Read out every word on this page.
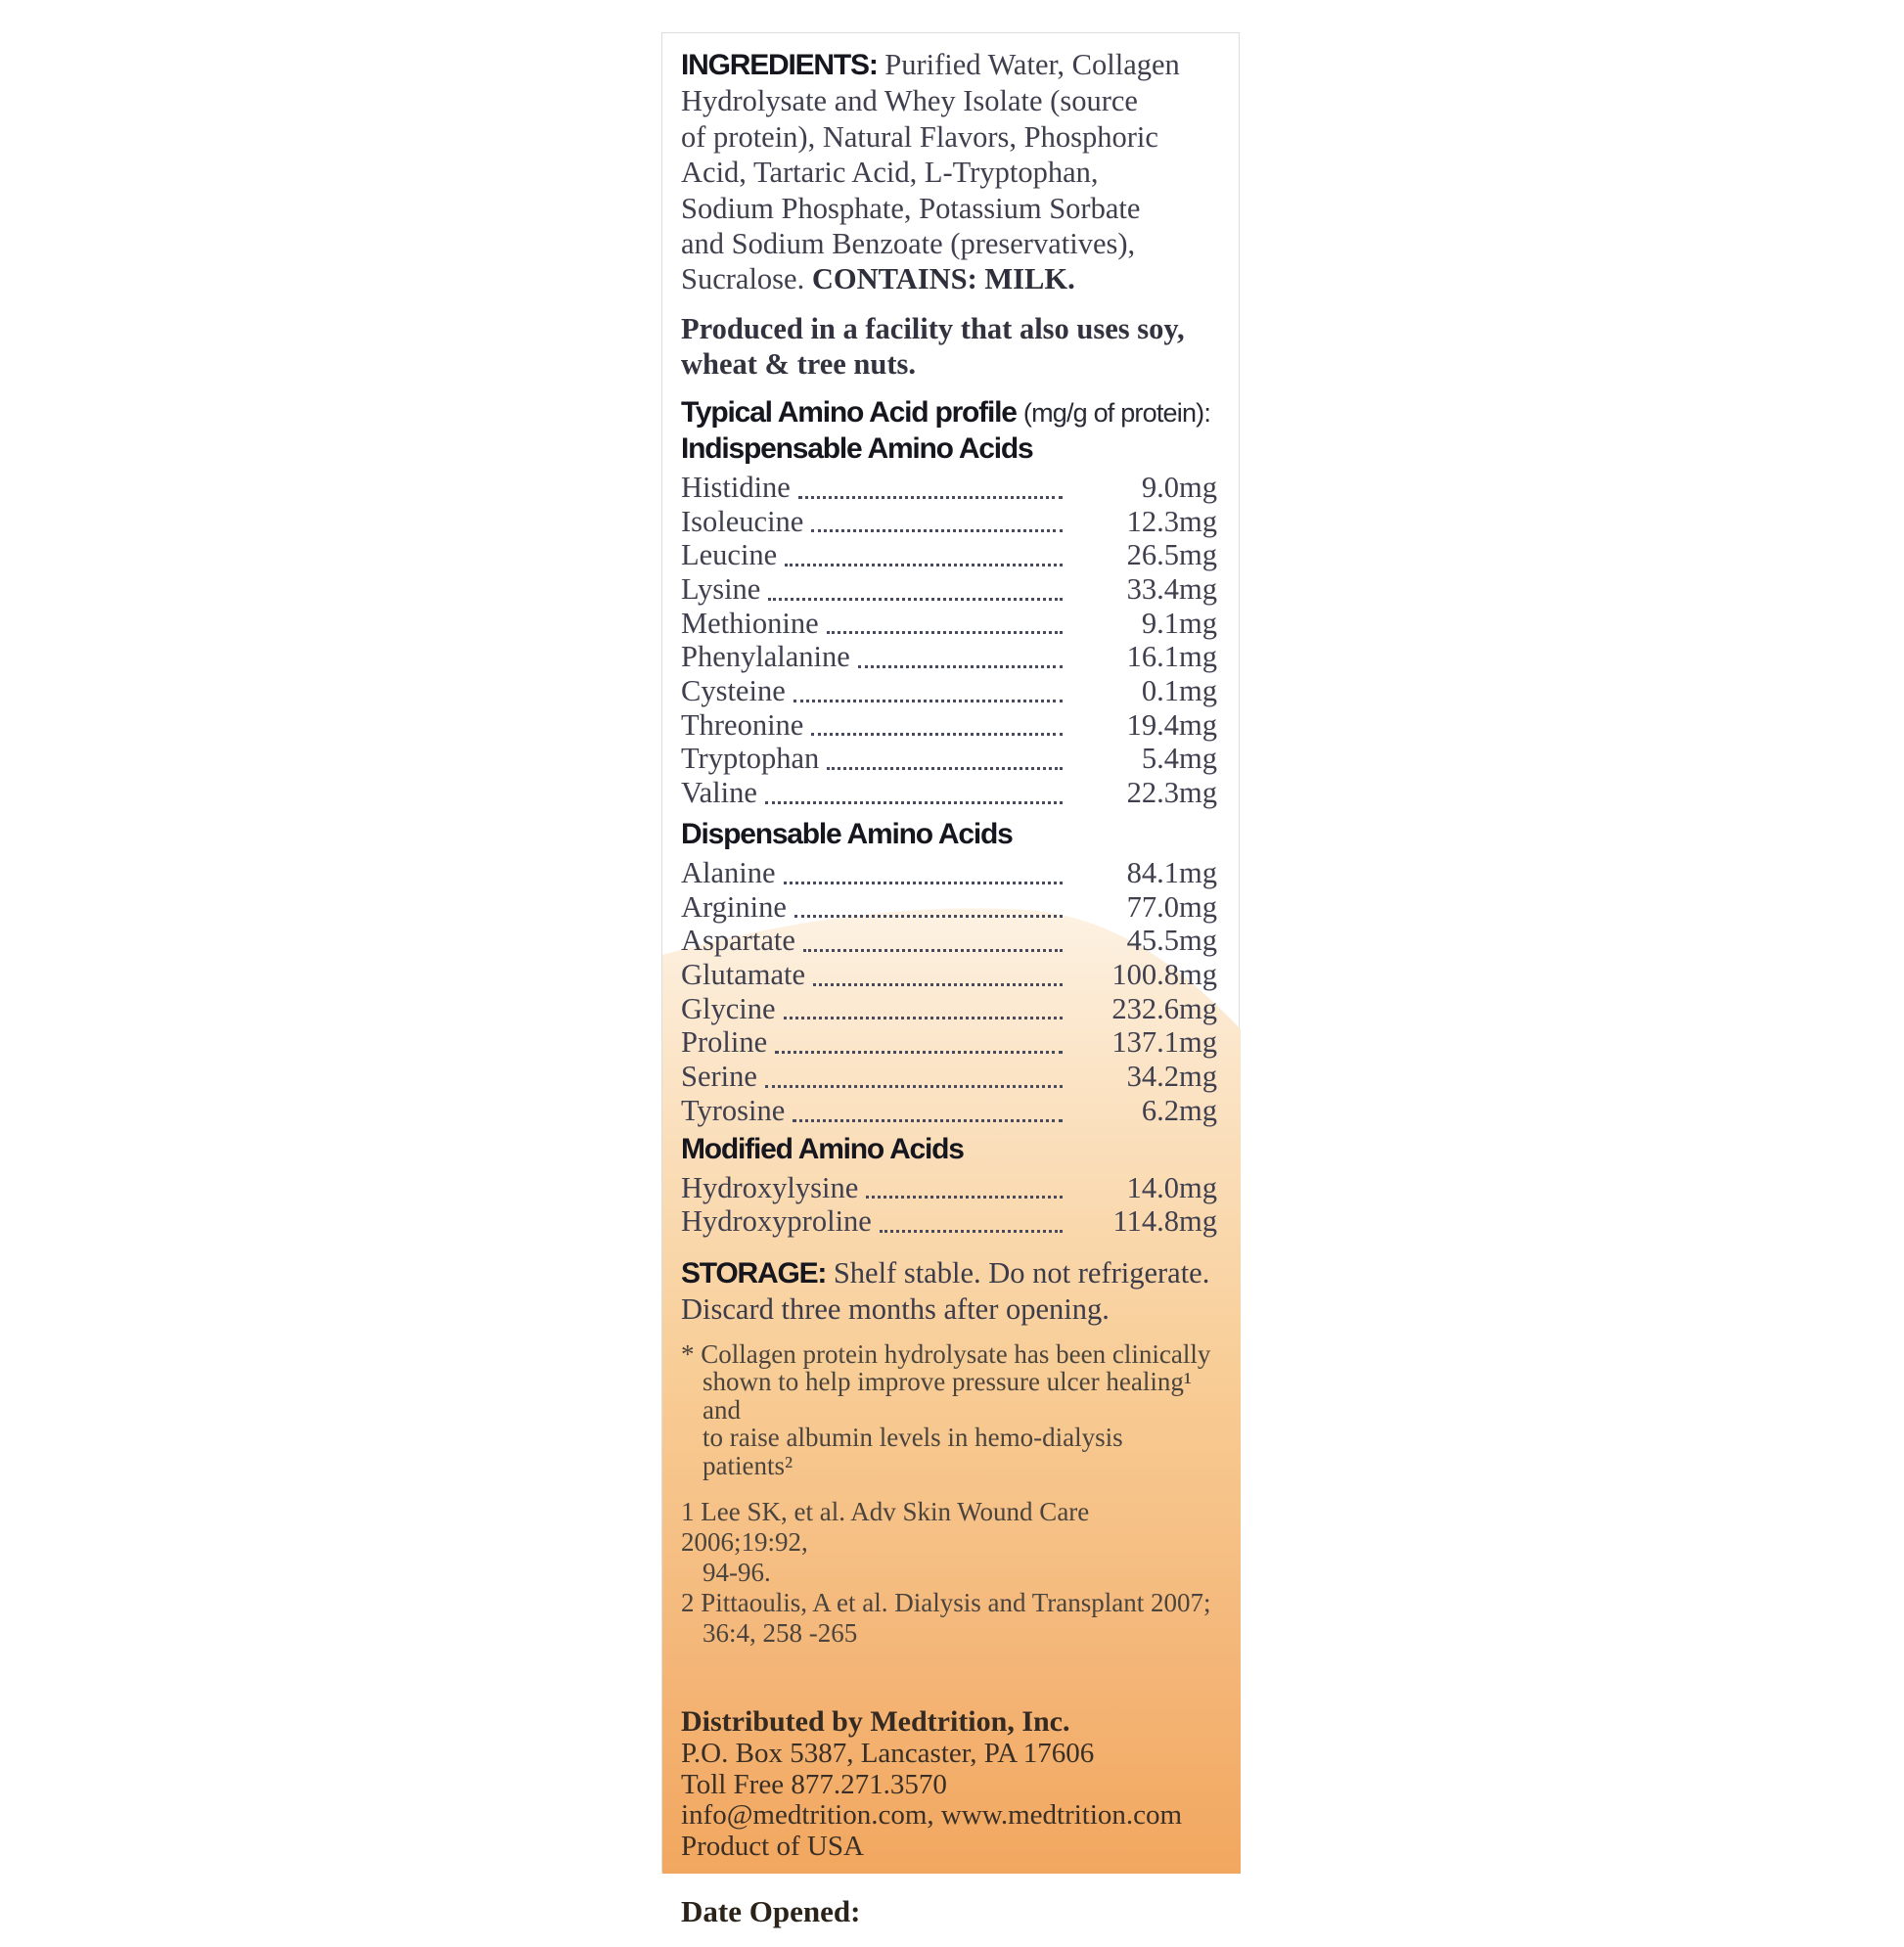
INGREDIENTS: Purified Water, Collagen
Hydrolysate and Whey Isolate (source
of protein), Natural Flavors, Phosphoric
Acid, Tartaric Acid, L-Tryptophan,
Sodium Phosphate, Potassium Sorbate
and Sodium Benzoate (preservatives),
Sucralose. CONTAINS: MILK.
Produced in a facility that also uses soy,
wheat & tree nuts.
Typical Amino Acid profile (mg/g of protein):
Indispensable Amino Acids
Histidine	9.0mg
Isoleucine	12.3mg
Leucine	26.5mg
Lysine	33.4mg
Methionine	9.1mg
Phenylalanine	16.1mg
Cysteine	0.1mg
Threonine	19.4mg
Tryptophan	5.4mg
Valine	22.3mg
Dispensable Amino Acids
Alanine	84.1mg
Arginine	77.0mg
Aspartate	45.5mg
Glutamate	100.8mg
Glycine	232.6mg
Proline	137.1mg
Serine	34.2mg
Tyrosine	6.2mg
Modified Amino Acids
Hydroxylysine	14.0mg
Hydroxyproline	114.8mg
STORAGE: Shelf stable. Do not refrigerate.
Discard three months after opening.
* Collagen protein hydrolysate has been clinically
shown to help improve pressure ulcer healing¹ and
to raise albumin levels in hemo-dialysis patients²
1 Lee SK, et al. Adv Skin Wound Care 2006;19:92,
94-96.
2 Pittaoulis, A et al. Dialysis and Transplant 2007;
36:4, 258 -265
Distributed by Medtrition, Inc.
P.O. Box 5387, Lancaster, PA 17606
Toll Free 877.271.3570
info@medtrition.com, www.medtrition.com
Product of USA
Date Opened:
